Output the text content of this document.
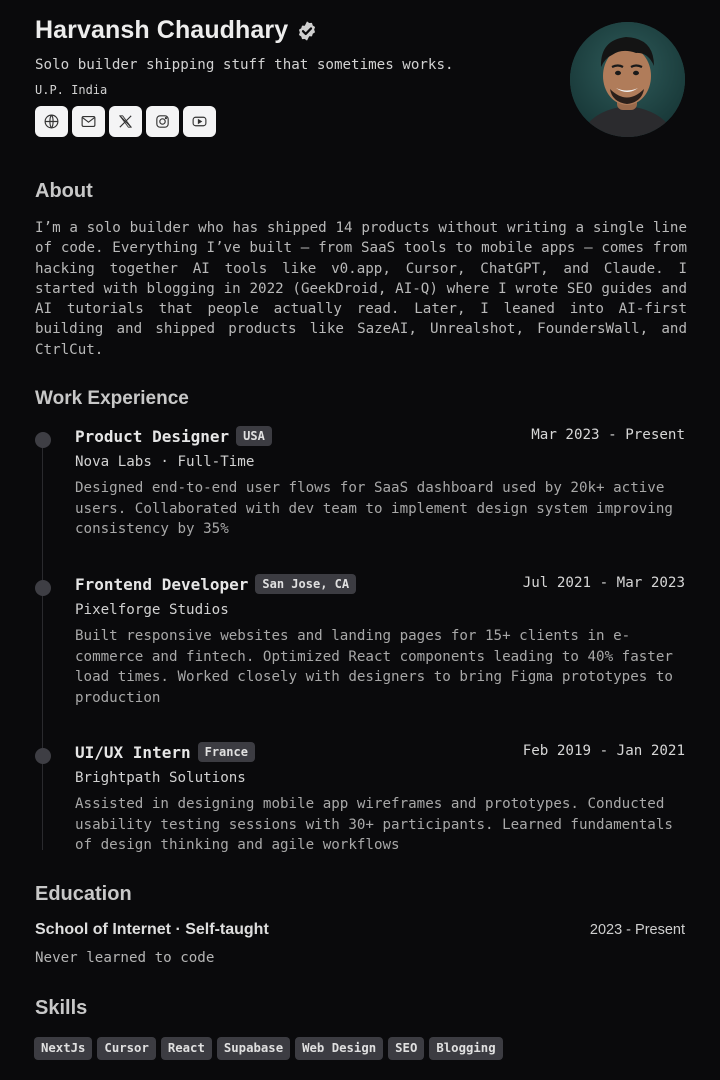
Harvansh Chaudhary
Solo builder shipping stuff that sometimes works.
U.P. India
About
I’m a solo builder who has shipped 14 products without writing a single line of code. Everything I’ve built — from SaaS tools to mobile apps — comes from hacking together AI tools like v0.app, Cursor, ChatGPT, and Claude. I started with blogging in 2022 (GeekDroid, AI-Q) where I wrote SEO guides and AI tutorials that people actually read. Later, I leaned into AI-first building and shipped products like SazeAI, Unrealshot, FoundersWall, and CtrlCut.
Work Experience
Product Designer	USA	Mar 2023 - Present
Nova Labs · Full-Time
Designed end-to-end user flows for SaaS dashboard used by 20k+ active users. Collaborated with dev team to implement design system improving consistency by 35%
Frontend Developer	San Jose, CA	Jul 2021 - Mar 2023
Pixelforge Studios
Built responsive websites and landing pages for 15+ clients in e-commerce and fintech. Optimized React components leading to 40% faster load times. Worked closely with designers to bring Figma prototypes to production
UI/UX Intern	France	Feb 2019 - Jan 2021
Brightpath Solutions
Assisted in designing mobile app wireframes and prototypes. Conducted usability testing sessions with 30+ participants. Learned fundamentals of design thinking and agile workflows
Education
School of Internet · Self-taught	2023 - Present
Never learned to code
Skills
NextJs	Cursor	React	Supabase	Web Design	SEO	Blogging
